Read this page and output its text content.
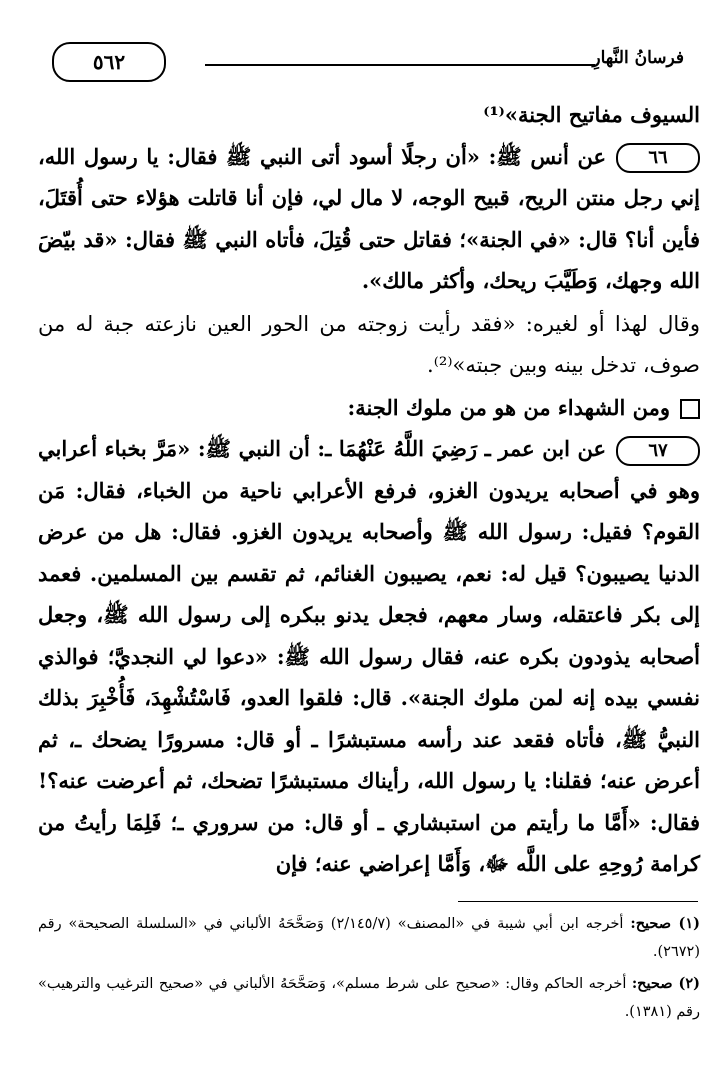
فرسانُ النَّهارِ
٥٦٢

السيوف مفاتيح الجنة»⁽¹⁾

٦٦عن أنس ﷺ: «أن رجلًا أسود أتى النبي ﷺ فقال: يا رسول الله، إني رجل منتن الريح، قبيح الوجه، لا مال لي، فإن أنا قاتلت هؤلاء حتى أُقتَلَ، فأين أنا؟ قال: «في الجنة»؛ فقاتل حتى قُتِلَ، فأتاه النبي ﷺ فقال: «قد بيّضَ الله وجهك، وَطَيَّبَ ريحك، وأكثر مالك».

وقال لهذا أو لغيره: «فقد رأيت زوجته من الحور العين نازعته جبة له من صوف، تدخل بينه وبين جبته»⁽²⁾.

ومن الشهداء من هو من ملوك الجنة:

٦٧عن ابن عمر ـ رَضِيَ اللَّهُ عَنْهُمَا ـ: أن النبي ﷺ: «مَرَّ بخباء أعرابي وهو في أصحابه يريدون الغزو، فرفع الأعرابي ناحية من الخباء، فقال: مَن القوم؟ فقيل: رسول الله ﷺ وأصحابه يريدون الغزو. فقال: هل من عرض الدنيا يصيبون؟ قيل له: نعم، يصيبون الغنائم، ثم تقسم بين المسلمين. فعمد إلى بكر فاعتقله، وسار معهم، فجعل يدنو ببكره إلى رسول الله ﷺ، وجعل أصحابه يذودون بكره عنه، فقال رسول الله ﷺ: «دعوا لي النجديَّ؛ فوالذي نفسي بيده إنه لمن ملوك الجنة». قال: فلقوا العدو، فَاسْتُشْهِدَ، فَأُخْبِرَ بذلك النبيُّ ﷺ، فأتاه فقعد عند رأسه مستبشرًا ـ أو قال: مسرورًا يضحك ـ، ثم أعرض عنه؛ فقلنا: يا رسول الله، رأيناك مستبشرًا تضحك، ثم أعرضت عنه؟! فقال: «أَمَّا ما رأيتم من استبشاري ـ أو قال: من سروري ـ؛ فَلِمَا رأيتُ من كرامة رُوحِهِ على اللَّه ﷻ، وَأَمَّا إعراضي عنه؛ فإن

(١) صحيح: أخرجه ابن أبي شيبة في «المصنف» (٢/١٤٥/٧) وَصَحَّحَهُ الألباني في «السلسلة الصحيحة» رقم (٢٦٧٢).

(٢) صحيح: أخرجه الحاكم وقال: «صحيح على شرط مسلم»، وَصَحَّحَهُ الألباني في «صحيح الترغيب والترهيب» رقم (١٣٨١).
